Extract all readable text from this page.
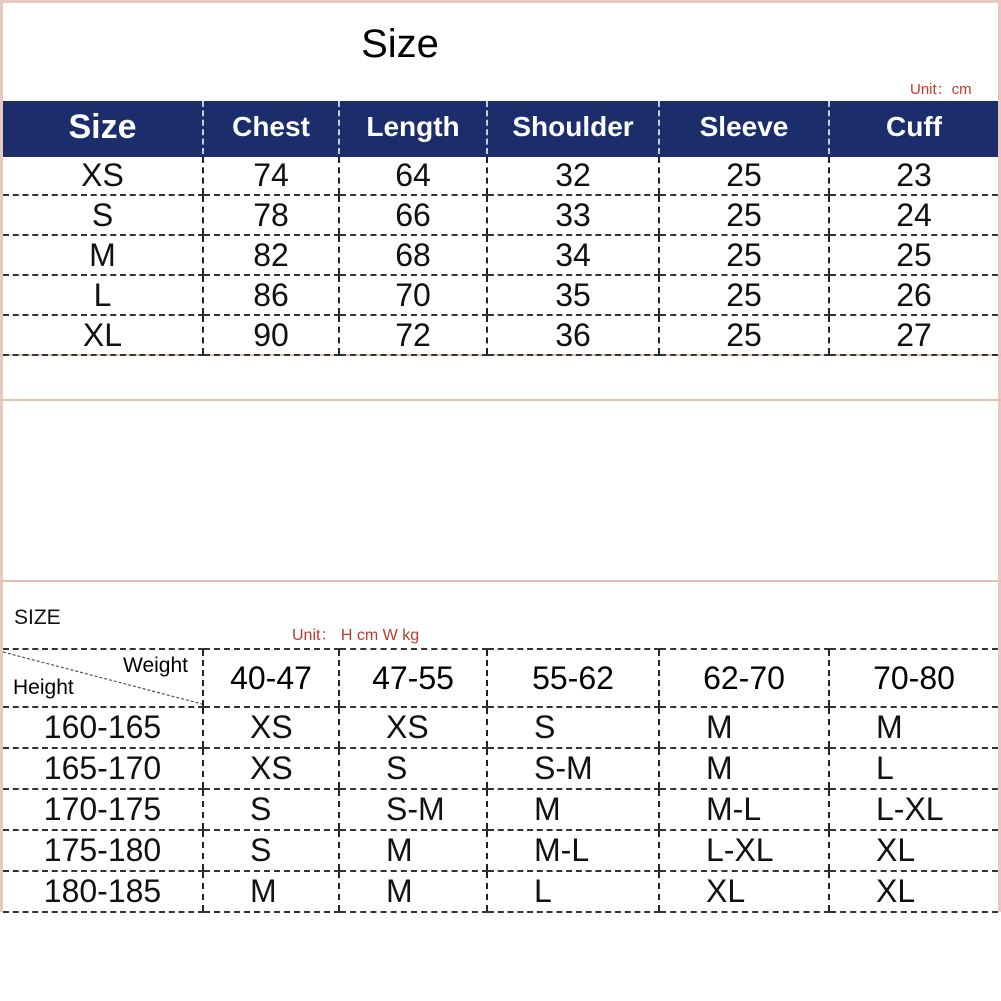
Size
Unit：cm
Size	Chest	Length	Shoulder	Sleeve	Cuff
XS	74	64	32	25	23
S	78	66	33	25	24
M	82	68	34	25	25
L	86	70	35	25	26
XL	90	72	36	25	27
SIZE
Unit： H cm W kg
Weight
Height	40-47	47-55	55-62	62-70	70-80
160-165	XS	XS	S	M	M
165-170	XS	S	S-M	M	L
170-175	S	S-M	M	M-L	L-XL
175-180	S	M	M-L	L-XL	XL
180-185	M	M	L	XL	XL
